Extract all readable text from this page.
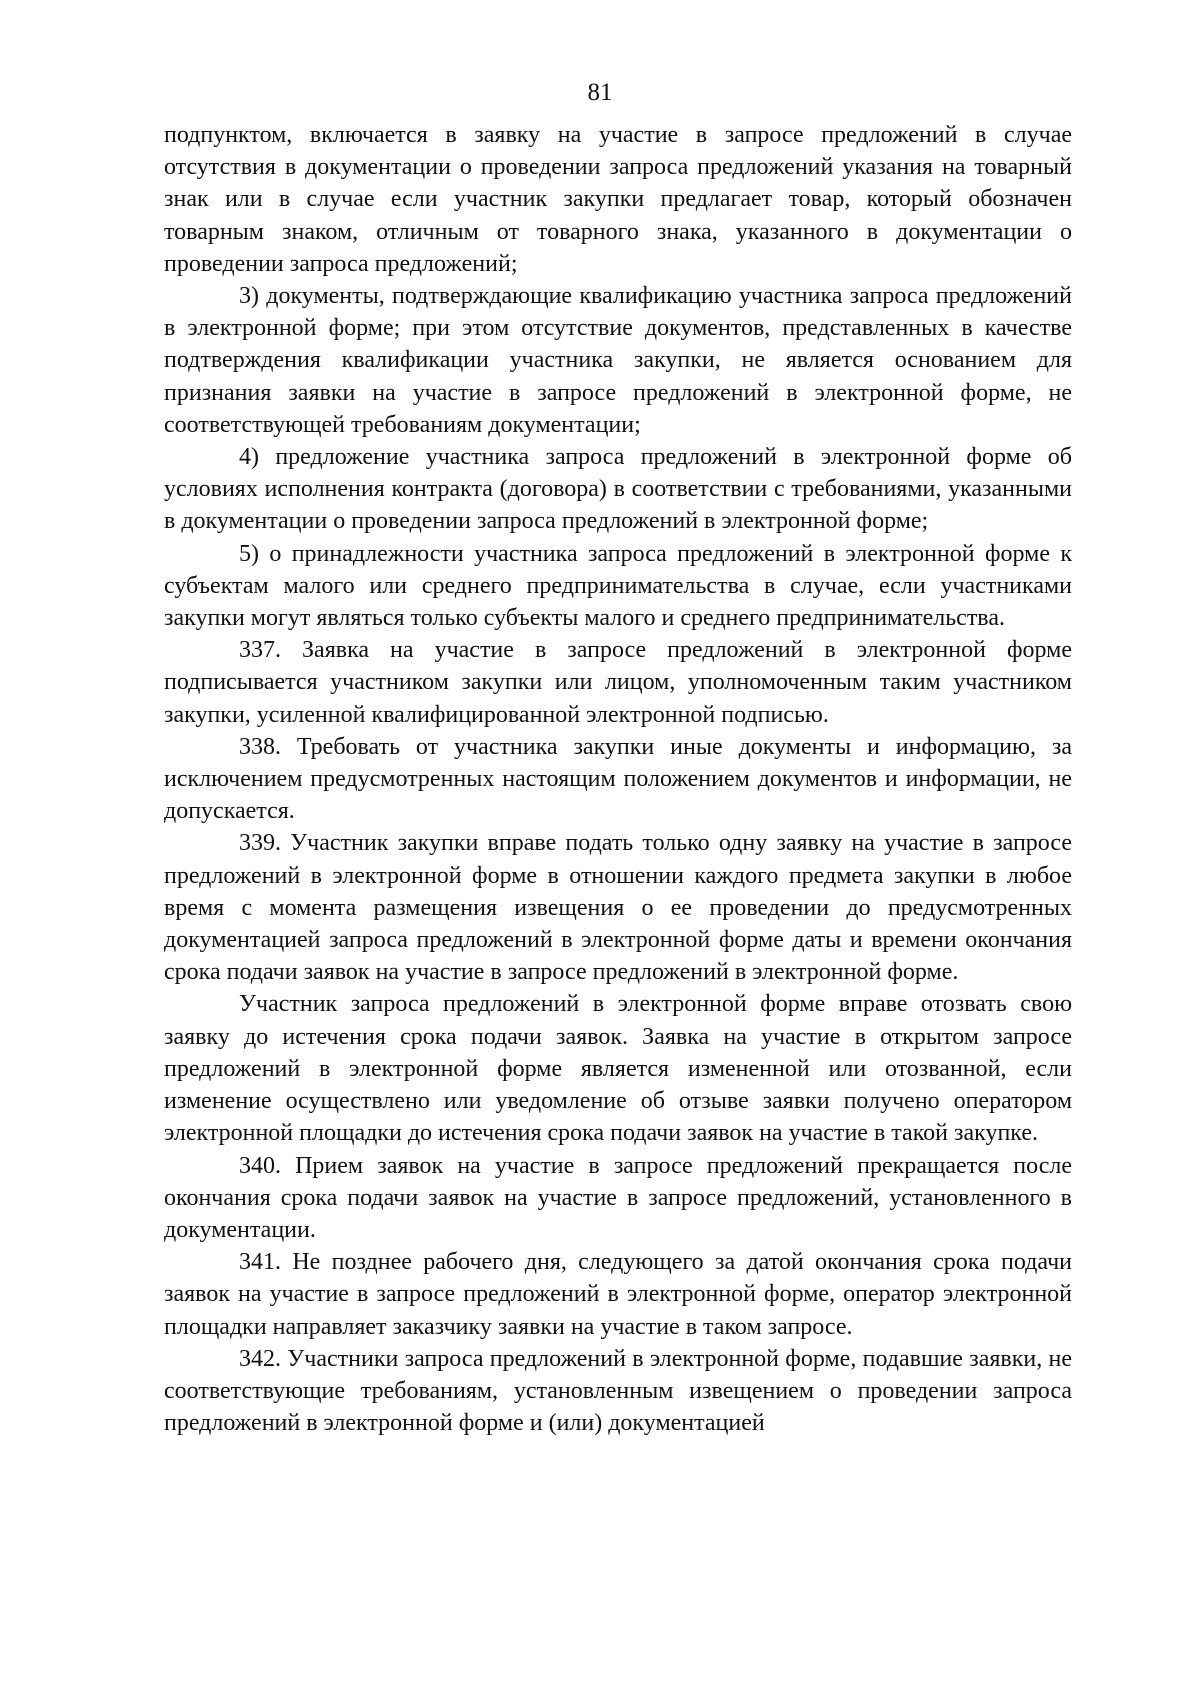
81

подпунктом, включается в заявку на участие в запросе предложений в случае отсутствия в документации о проведении запроса предложений указания на товарный знак или в случае если участник закупки предлагает товар, который обозначен товарным знаком, отличным от товарного знака, указанного в документации о проведении запроса предложений;

3) документы, подтверждающие квалификацию участника запроса предложений в электронной форме; при этом отсутствие документов, представленных в качестве подтверждения квалификации участника закупки, не является основанием для признания заявки на участие в запросе предложений в электронной форме, не соответствующей требованиям документации;

4) предложение участника запроса предложений в электронной форме об условиях исполнения контракта (договора) в соответствии с требованиями, указанными в документации о проведении запроса предложений в электронной форме;

5) о принадлежности участника запроса предложений в электронной форме к субъектам малого или среднего предпринимательства в случае, если участниками закупки могут являться только субъекты малого и среднего предпринимательства.

337. Заявка на участие в запросе предложений в электронной форме подписывается участником закупки или лицом, уполномоченным таким участником закупки, усиленной квалифицированной электронной подписью.

338. Требовать от участника закупки иные документы и информацию, за исключением предусмотренных настоящим положением документов и информации, не допускается.

339. Участник закупки вправе подать только одну заявку на участие в запросе предложений в электронной форме в отношении каждого предмета закупки в любое время с момента размещения извещения о ее проведении до предусмотренных документацией запроса предложений в электронной форме даты и времени окончания срока подачи заявок на участие в запросе предложений в электронной форме.

Участник запроса предложений в электронной форме вправе отозвать свою заявку до истечения срока подачи заявок. Заявка на участие в открытом запросе предложений в электронной форме является измененной или отозванной, если изменение осуществлено или уведомление об отзыве заявки получено оператором электронной площадки до истечения срока подачи заявок на участие в такой закупке.

340. Прием заявок на участие в запросе предложений прекращается после окончания срока подачи заявок на участие в запросе предложений, установленного в документации.

341. Не позднее рабочего дня, следующего за датой окончания срока подачи заявок на участие в запросе предложений в электронной форме, оператор электронной площадки направляет заказчику заявки на участие в таком запросе.

342. Участники запроса предложений в электронной форме, подавшие заявки, не соответствующие требованиям, установленным извещением о проведении запроса предложений в электронной форме и (или) документацией
